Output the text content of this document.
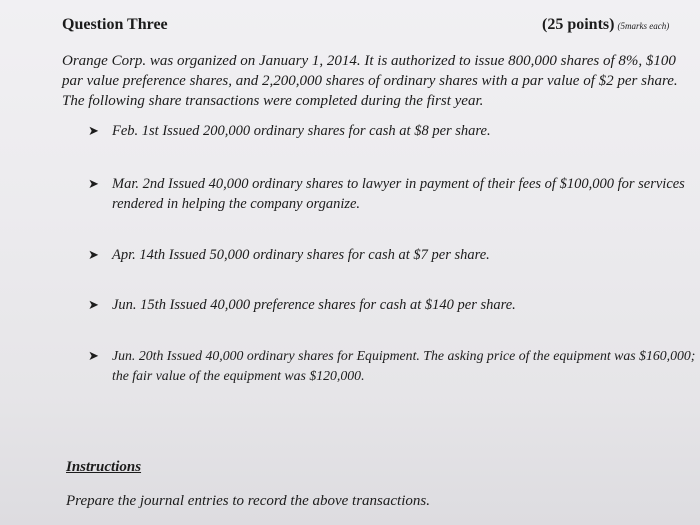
Question Three	(25 points) (5marks each)

Orange Corp. was organized on January 1, 2014. It is authorized to issue 800,000 shares of 8%, $100 par value preference shares, and 2,200,000 shares of ordinary shares with a par value of $2 per share. The following share transactions were completed during the first year.

➤ Feb. 1st Issued 200,000 ordinary shares for cash at $8 per share.
➤ Mar. 2nd Issued 40,000 ordinary shares to lawyer in payment of their fees of $100,000 for services rendered in helping the company organize.
➤ Apr. 14th Issued 50,000 ordinary shares for cash at $7 per share.
➤ Jun. 15th Issued 40,000 preference shares for cash at $140 per share.
➤ Jun. 20th Issued 40,000 ordinary shares for Equipment. The asking price of the equipment was $160,000; the fair value of the equipment was $120,000.
Instructions
Prepare the journal entries to record the above transactions.
